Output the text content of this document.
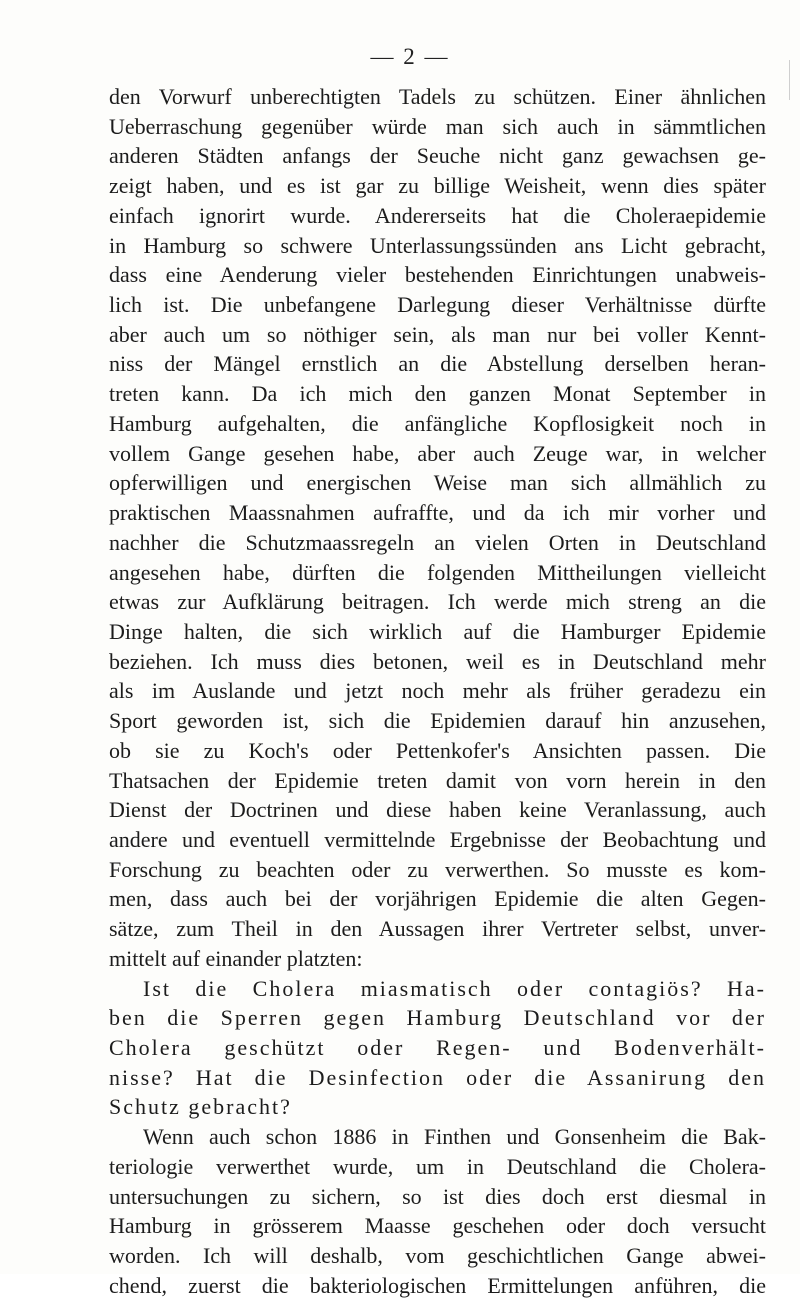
— 2 —
den Vorwurf unberechtigten Tadels zu schützen. Einer ähnlichen
Ueberraschung gegenüber würde man sich auch in sämmtlichen
anderen Städten anfangs der Seuche nicht ganz gewachsen ge-
zeigt haben, und es ist gar zu billige Weisheit, wenn dies später
einfach ignorirt wurde. Andererseits hat die Choleraepidemie
in Hamburg so schwere Unterlassungssünden ans Licht gebracht,
dass eine Aenderung vieler bestehenden Einrichtungen unabweis-
lich ist. Die unbefangene Darlegung dieser Verhältnisse dürfte
aber auch um so nöthiger sein, als man nur bei voller Kennt-
niss der Mängel ernstlich an die Abstellung derselben heran-
treten kann. Da ich mich den ganzen Monat September in
Hamburg aufgehalten, die anfängliche Kopflosigkeit noch in
vollem Gange gesehen habe, aber auch Zeuge war, in welcher
opferwilligen und energischen Weise man sich allmählich zu
praktischen Maassnahmen aufraffte, und da ich mir vorher und
nachher die Schutzmaassregeln an vielen Orten in Deutschland
angesehen habe, dürften die folgenden Mittheilungen vielleicht
etwas zur Aufklärung beitragen. Ich werde mich streng an die
Dinge halten, die sich wirklich auf die Hamburger Epidemie
beziehen. Ich muss dies betonen, weil es in Deutschland mehr
als im Auslande und jetzt noch mehr als früher geradezu ein
Sport geworden ist, sich die Epidemien darauf hin anzusehen,
ob sie zu Koch's oder Pettenkofer's Ansichten passen. Die
Thatsachen der Epidemie treten damit von vorn herein in den
Dienst der Doctrinen und diese haben keine Veranlassung, auch
andere und eventuell vermittelnde Ergebnisse der Beobachtung und
Forschung zu beachten oder zu verwerthen. So musste es kom-
men, dass auch bei der vorjährigen Epidemie die alten Gegen-
sätze, zum Theil in den Aussagen ihrer Vertreter selbst, unver-
mittelt auf einander platzten:
Ist die Cholera miasmatisch oder contagiös? Ha-
ben die Sperren gegen Hamburg Deutschland vor der
Cholera geschützt oder Regen- und Bodenverhält-
nisse? Hat die Desinfection oder die Assanirung den
Schutz gebracht?
Wenn auch schon 1886 in Finthen und Gonsenheim die Bak-
teriologie verwerthet wurde, um in Deutschland die Cholera-
untersuchungen zu sichern, so ist dies doch erst diesmal in
Hamburg in grösserem Maasse geschehen oder doch versucht
worden. Ich will deshalb, vom geschichtlichen Gange abwei-
chend, zuerst die bakteriologischen Ermittelungen anführen, die
